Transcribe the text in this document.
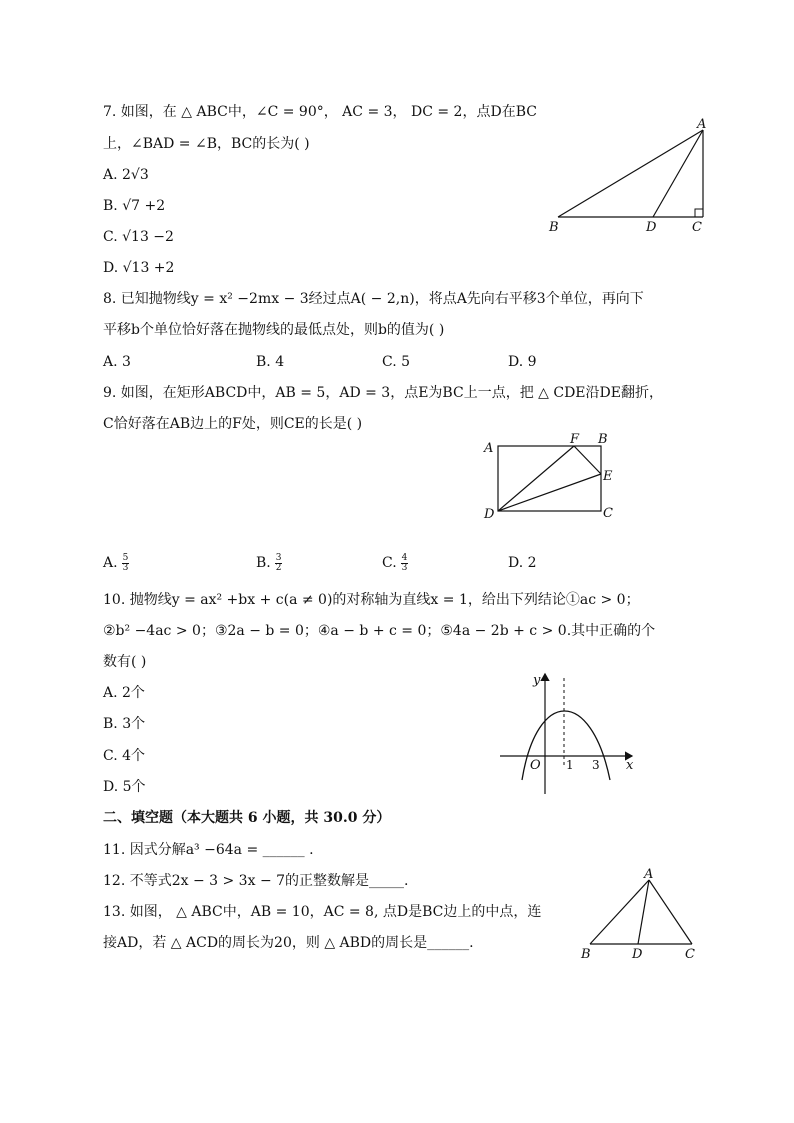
7. 如图，在 △ ABC中，∠C = 90°， AC = 3， DC = 2，点D在BC
上，∠BAD = ∠B，BC的长为( )
A. 2√3
B. √7 +2
C. √13 −2
D. √13 +2
A
B	D	C
8. 已知抛物线y = x² −2mx − 3经过点A( − 2,n)，将点A先向右平移3个单位，再向下
平移b个单位恰好落在抛物线的最低点处，则b的值为( )
A. 3	B. 4	C. 5	D. 9
9. 如图，在矩形ABCD中，AB = 5，AD = 3，点E为BC上一点，把 △ CDE沿DE翻折，
C恰好落在AB边上的F处，则CE的长是( )
A
F B
E
D	C
A. $\frac{5}{3}$	B. $\frac{3}{2}$	C. $\frac{4}{3}$	D. 2
10. 抛物线y = ax² +bx + c(a ≠ 0)的对称轴为直线x = 1，给出下列结论①ac > 0；
②b² −4ac > 0；③2a − b = 0；④a − b + c = 0；⑤4a − 2b + c > 0.其中正确的个
数有( )
A. 2个
B. 3个
C. 4个
D. 5个
y
x
O 1 3
二、填空题（本大题共 6 小题，共 30.0 分）
11. 因式分解a³ −64a = ______ .
12. 不等式2x − 3 > 3x − 7的正整数解是_____.
13. 如图， △ ABC中，AB = 10，AC = 8, 点D是BC边上的中点，连
接AD，若 △ ACD的周长为20，则 △ ABD的周长是______.
A
B	D	C
